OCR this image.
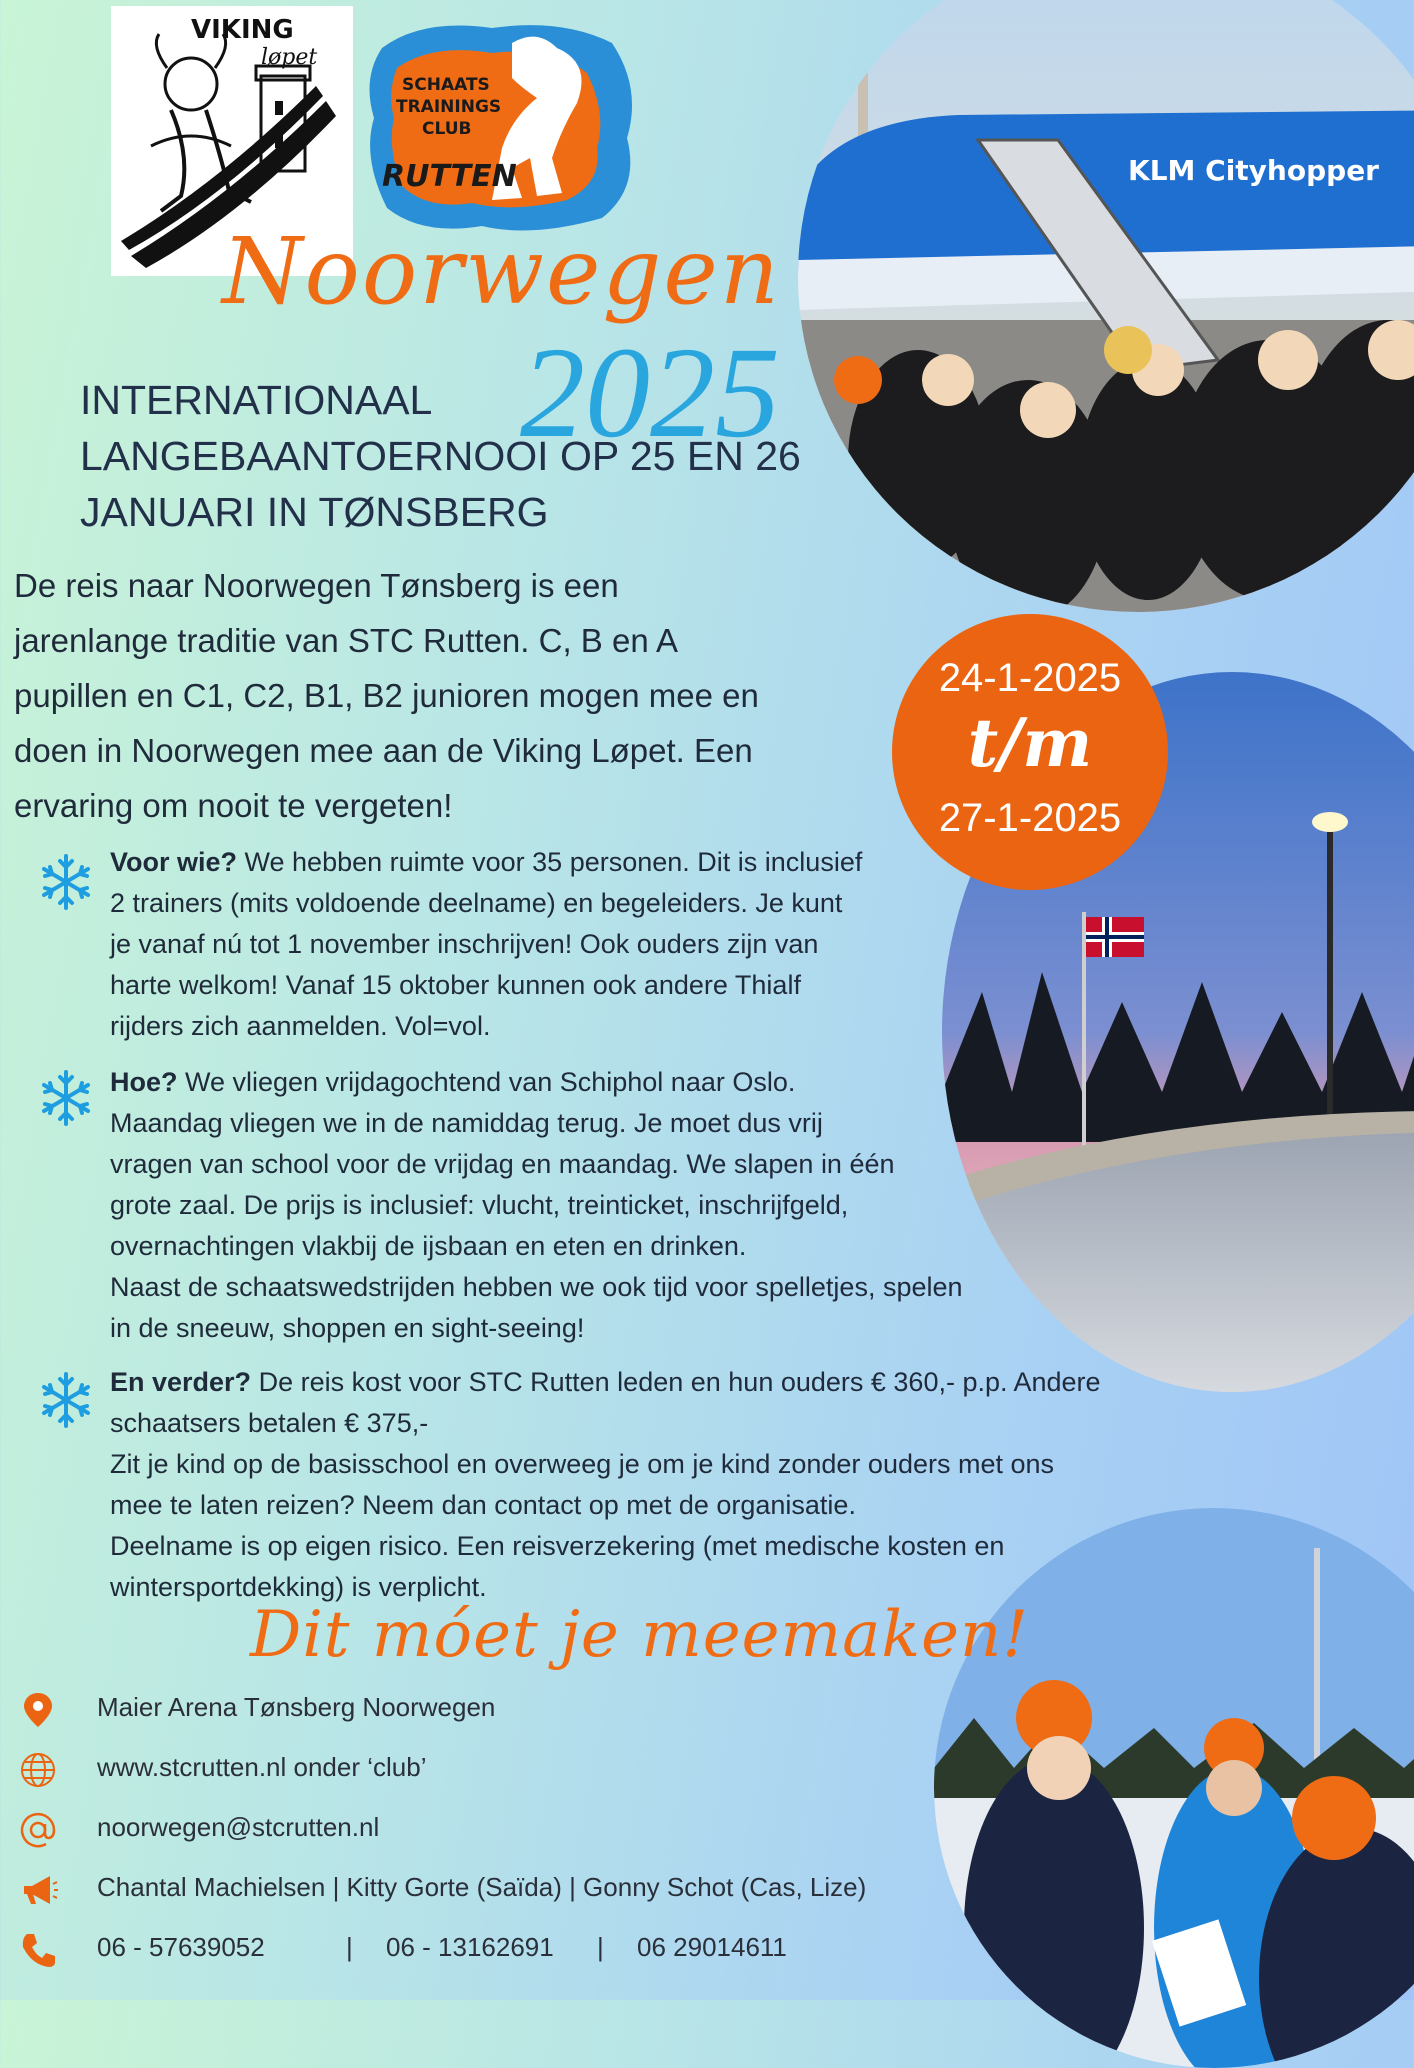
VIKING
løpet
SCHAATS
TRAININGS
CLUB
RUTTEN	KLM Cityhopper
Noorwegen
2025
INTERNATIONAAL
LANGEBAANTOERNOOI OP 25 EN 26
JANUARI IN TØNSBERG
De reis naar Noorwegen Tønsberg is een
jarenlange traditie van STC Rutten. C, B en A
pupillen en C1, C2, B1, B2 junioren mogen mee en
doen in Noorwegen mee aan de Viking Løpet. Een
ervaring om nooit te vergeten!
24-1-2025
t/m
27-1-2025

Voor wie? We hebben ruimte voor 35 personen. Dit is inclusief

2 trainers (mits voldoende deelname) en begeleiders. Je kunt

je vanaf nú tot 1 november inschrijven! Ook ouders zijn van

harte welkom! Vanaf 15 oktober kunnen ook andere Thialf

rijders zich aanmelden. Vol=vol.

Hoe? We vliegen vrijdagochtend van Schiphol naar Oslo.

Maandag vliegen we in de namiddag terug. Je moet dus vrij

vragen van school voor de vrijdag en maandag. We slapen in één

grote zaal. De prijs is inclusief: vlucht, treinticket, inschrijfgeld,

overnachtingen vlakbij de ijsbaan en eten en drinken.

Naast de schaatswedstrijden hebben we ook tijd voor spelletjes, spelen

in de sneeuw, shoppen en sight-seeing!

En verder? De reis kost voor STC Rutten leden en hun ouders € 360,- p.p. Andere

schaatsers betalen € 375,-

Zit je kind op de basisschool en overweeg je om je kind zonder ouders met ons

mee te laten reizen? Neem dan contact op met de organisatie.

Deelname is op eigen risico. Een reisverzekering (met medische kosten en

wintersportdekking) is verplicht.

Dit móet je meemaken!
Maier Arena Tønsberg Noorwegen
www.stcrutten.nl onder ‘club’
noorwegen@stcrutten.nl
Chantal Machielsen | Kitty Gorte (Saïda) | Gonny Schot (Cas, Lize)
06 - 57639052	| 06 - 13162691 | 06 29014611
